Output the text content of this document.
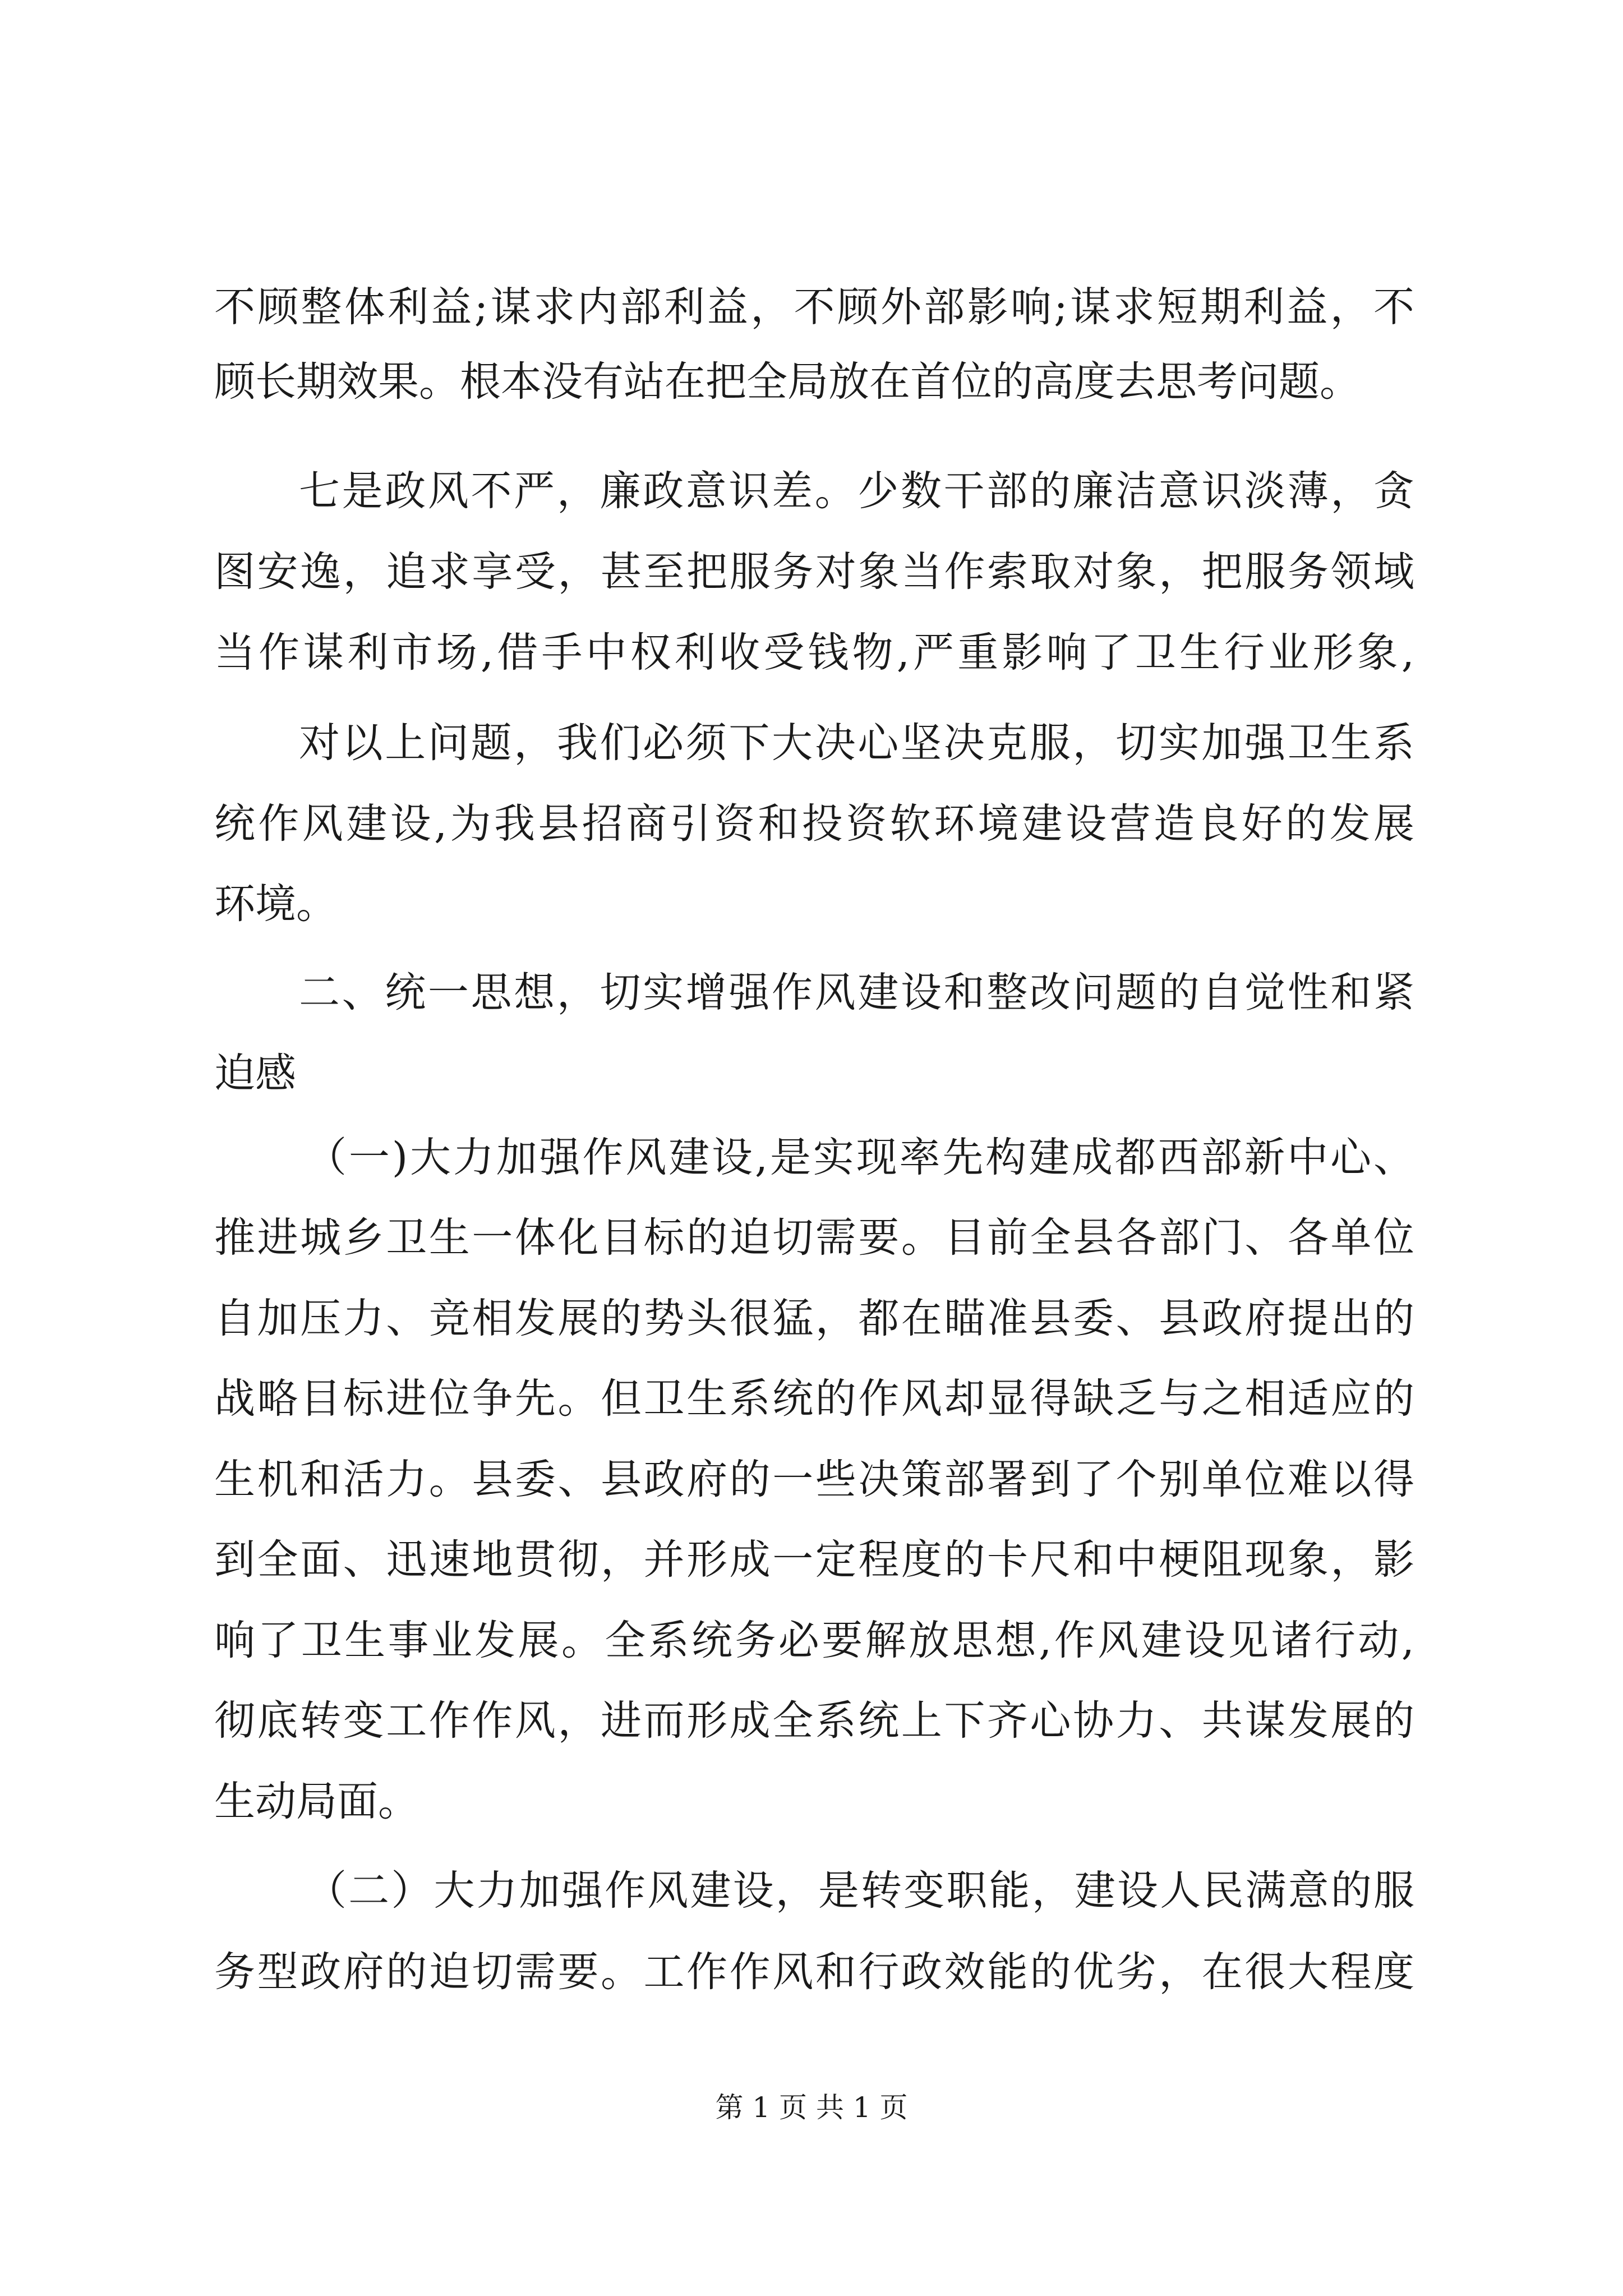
不顾整体利益;谋求内部利益，不顾外部影响;谋求短期利益，不
顾长期效果。根本没有站在把全局放在首位的高度去思考问题。
七是政风不严，廉政意识差。少数干部的廉洁意识淡薄，贪
图安逸，追求享受，甚至把服务对象当作索取对象，把服务领域
当作谋利市场,借手中权利收受钱物,严重影响了卫生行业形象,
对以上问题，我们必须下大决心坚决克服，切实加强卫生系
统作风建设,为我县招商引资和投资软环境建设营造良好的发展
环境。
二、统一思想，切实增强作风建设和整改问题的自觉性和紧
迫感
（一)大力加强作风建设,是实现率先构建成都西部新中心、
推进城乡卫生一体化目标的迫切需要。目前全县各部门、各单位
自加压力、竞相发展的势头很猛，都在瞄准县委、县政府提出的
战略目标进位争先。但卫生系统的作风却显得缺乏与之相适应的
生机和活力。县委、县政府的一些决策部署到了个别单位难以得
到全面、迅速地贯彻，并形成一定程度的卡尺和中梗阻现象，影
响了卫生事业发展。全系统务必要解放思想,作风建设见诸行动,
彻底转变工作作风，进而形成全系统上下齐心协力、共谋发展的
生动局面。
（二）大力加强作风建设，是转变职能，建设人民满意的服
务型政府的迫切需要。工作作风和行政效能的优劣，在很大程度
第 1 页 共 1 页
